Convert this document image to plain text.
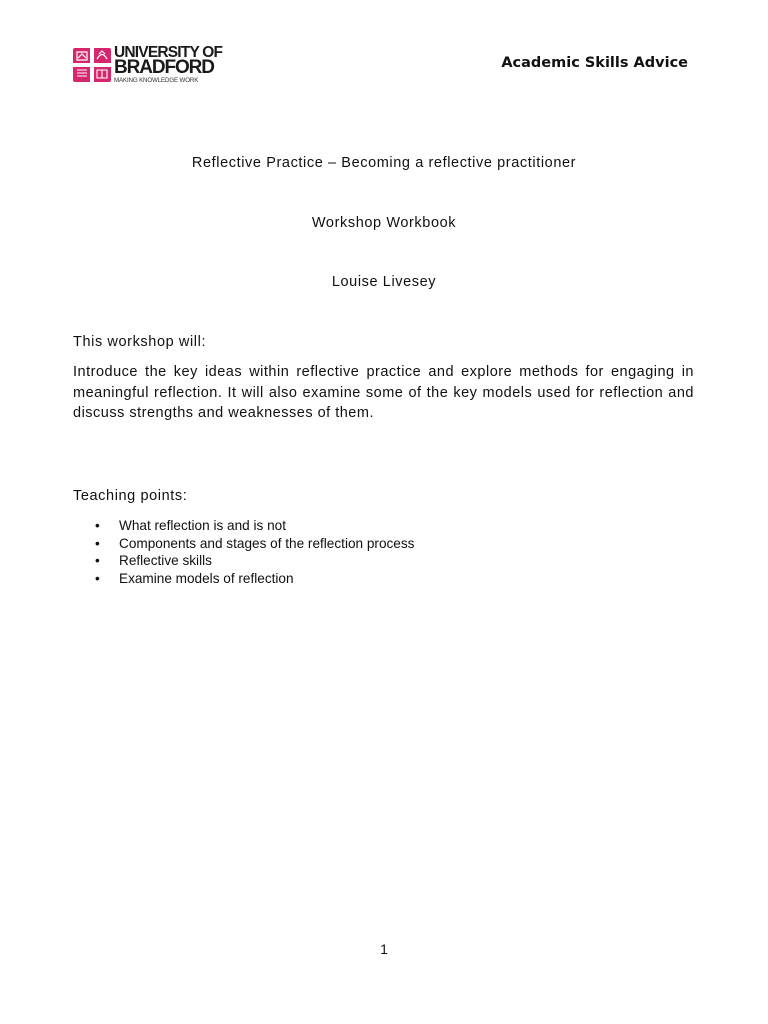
UNIVERSITY OF
BRADFORD
MAKING KNOWLEDGE WORK
Academic Skills Advice
Reflective Practice – Becoming a reflective practitioner
Workshop Workbook
Louise Livesey
This workshop will:

Introduce the key ideas within reflective practice and explore methods for engaging in meaningful reflection. It will also examine some of the key models used for reflection and discuss strengths and weaknesses of them.

Teaching points:
• What reflection is and is not
• Components and stages of the reflection process
• Reflective skills
• Examine models of reflection
1
